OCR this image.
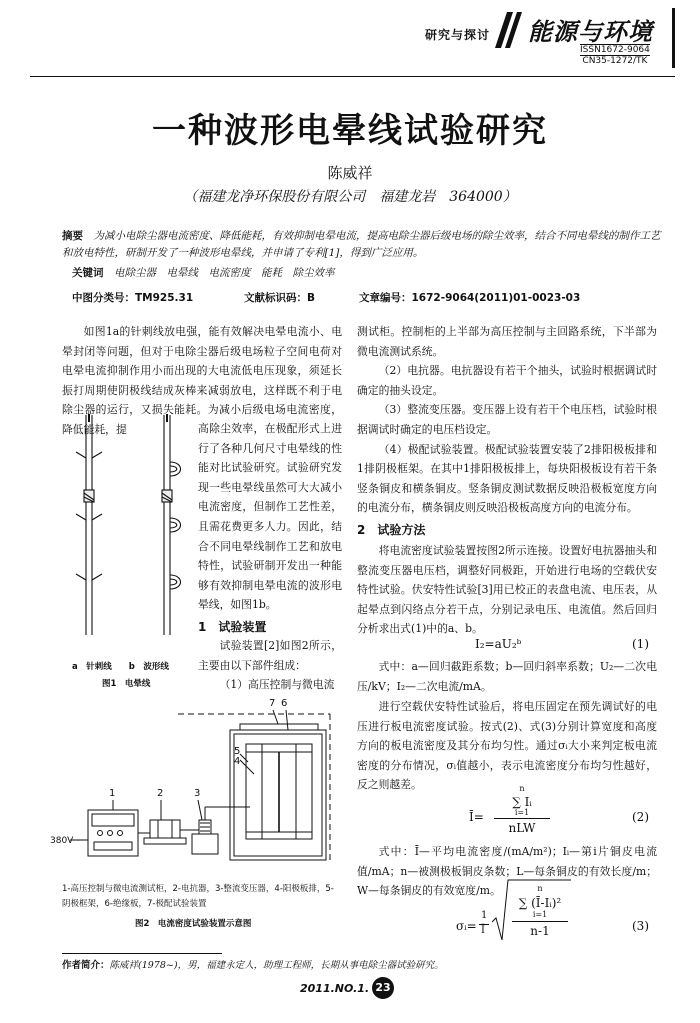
研究与探讨 能源与环境
ISSN1672-9064
CN35-1272/TK
一种波形电晕线试验研究
陈威祥
（福建龙净环保股份有限公司　福建龙岩　364000）
摘要　 为减小电除尘器电流密度、降低能耗，有效抑制电晕电流，提高电除尘器后级电场的除尘效率，结合不同电晕线的制作工艺和放电特性，研制开发了一种波形电晕线，并申请了专利[1]，得到广泛应用。
关键词　 电除尘器　电晕线　电流密度　能耗　除尘效率
中图分类号：TM925.31	文献标识码：B	文章编号：1672-9064(2011)01-0023-03
如图1a的针刺线放电强，能有效解决电晕电流小、电晕封闭等问题，但对于电除尘器后级电场粒子空间电荷对电晕电流抑制作用小而出现的大电流低电压现象，须延长振打周期使阴极线结成灰棒来减弱放电，这样既不利于电除尘器的运行，又损失能耗。为减小后级电场电流密度，降低能耗，提	高除尘效率，在极配形式上进行了各种几何尺寸电晕线的性能对比试验研究。试验研究发现一些电晕线虽然可大大减小电流密度，但制作工艺性差，且需花费更多人力。因此，结合不同电晕线制作工艺和放电特性，试验研制开发出一种能够有效抑制电晕电流的波形电晕线，如图1b。
1　试验装置
试验装置[2]如图2所示，主要由以下部件组成：
（1）高压控制与微电流
a　针刺线　　b　波形线
图1　电晕线
1	2	3
4
5
6
7
380V~
1-高压控制与微电流测试柜，2-电抗器，3-整流变压器，4-阳极板排，5-阴极框架，6-绝缘板，7-极配试验装置
图2　电流密度试验装置示意图
测试柜。控制柜的上半部为高压控制与主回路系统，下半部为微电流测试系统。
（2）电抗器。电抗器设有若干个抽头，试验时根据调试时确定的抽头设定。
（3）整流变压器。变压器上设有若干个电压档，试验时根据调试时确定的电压档设定。
（4）极配试验装置。极配试验装置安装了2排阳极板排和1排阴极框架。在其中1排阳极板排上，每块阳极板设有若干条竖条铜皮和横条铜皮。竖条铜皮测试数据反映沿极板宽度方向的电流分布，横条铜皮则反映沿极板高度方向的电流分布。
2　试验方法
将电流密度试验装置按图2所示连接。设置好电抗器抽头和整流变压器电压档，调整好同极距，开始进行电场的空载伏安特性试验。伏安特性试验[3]用已校正的表盘电流、电压表，从起晕点到闪络点分若干点，分别记录电压、电流值。然后回归分析求出式(1)中的a、b。
I₂=aU₂ᵇ	(1)
式中：a—回归截距系数；b—回归斜率系数；U₂—二次电压/kV；I₂—二次电流/mA。
进行空载伏安特性试验后，将电压固定在预先调试好的电压进行板电流密度试验。按式(2)、式(3)分别计算宽度和高度方向的板电流密度及其分布均匀性。通过σᵢ大小来判定板电流密度的分布情况，σᵢ值越小，表示电流密度分布均匀性越好，反之则越差。
Ī=
n
∑ Iᵢ
i=1
nLW
(2)
式中：Ī—平均电流密度/(mA/m²)；Iᵢ—第i片铜皮电流值/mA；n—被测极板铜皮条数；L—每条铜皮的有效长度/m；W—每条铜皮的有效宽度/m。
σᵢ=
1
Ī
n
∑ (Ī-Iᵢ)²
i=1
n-1	(3)
作者简介：陈威祥(1978~)，男，福建永定人，助理工程师，长期从事电除尘器试验研究。
2011.NO.1. 23
